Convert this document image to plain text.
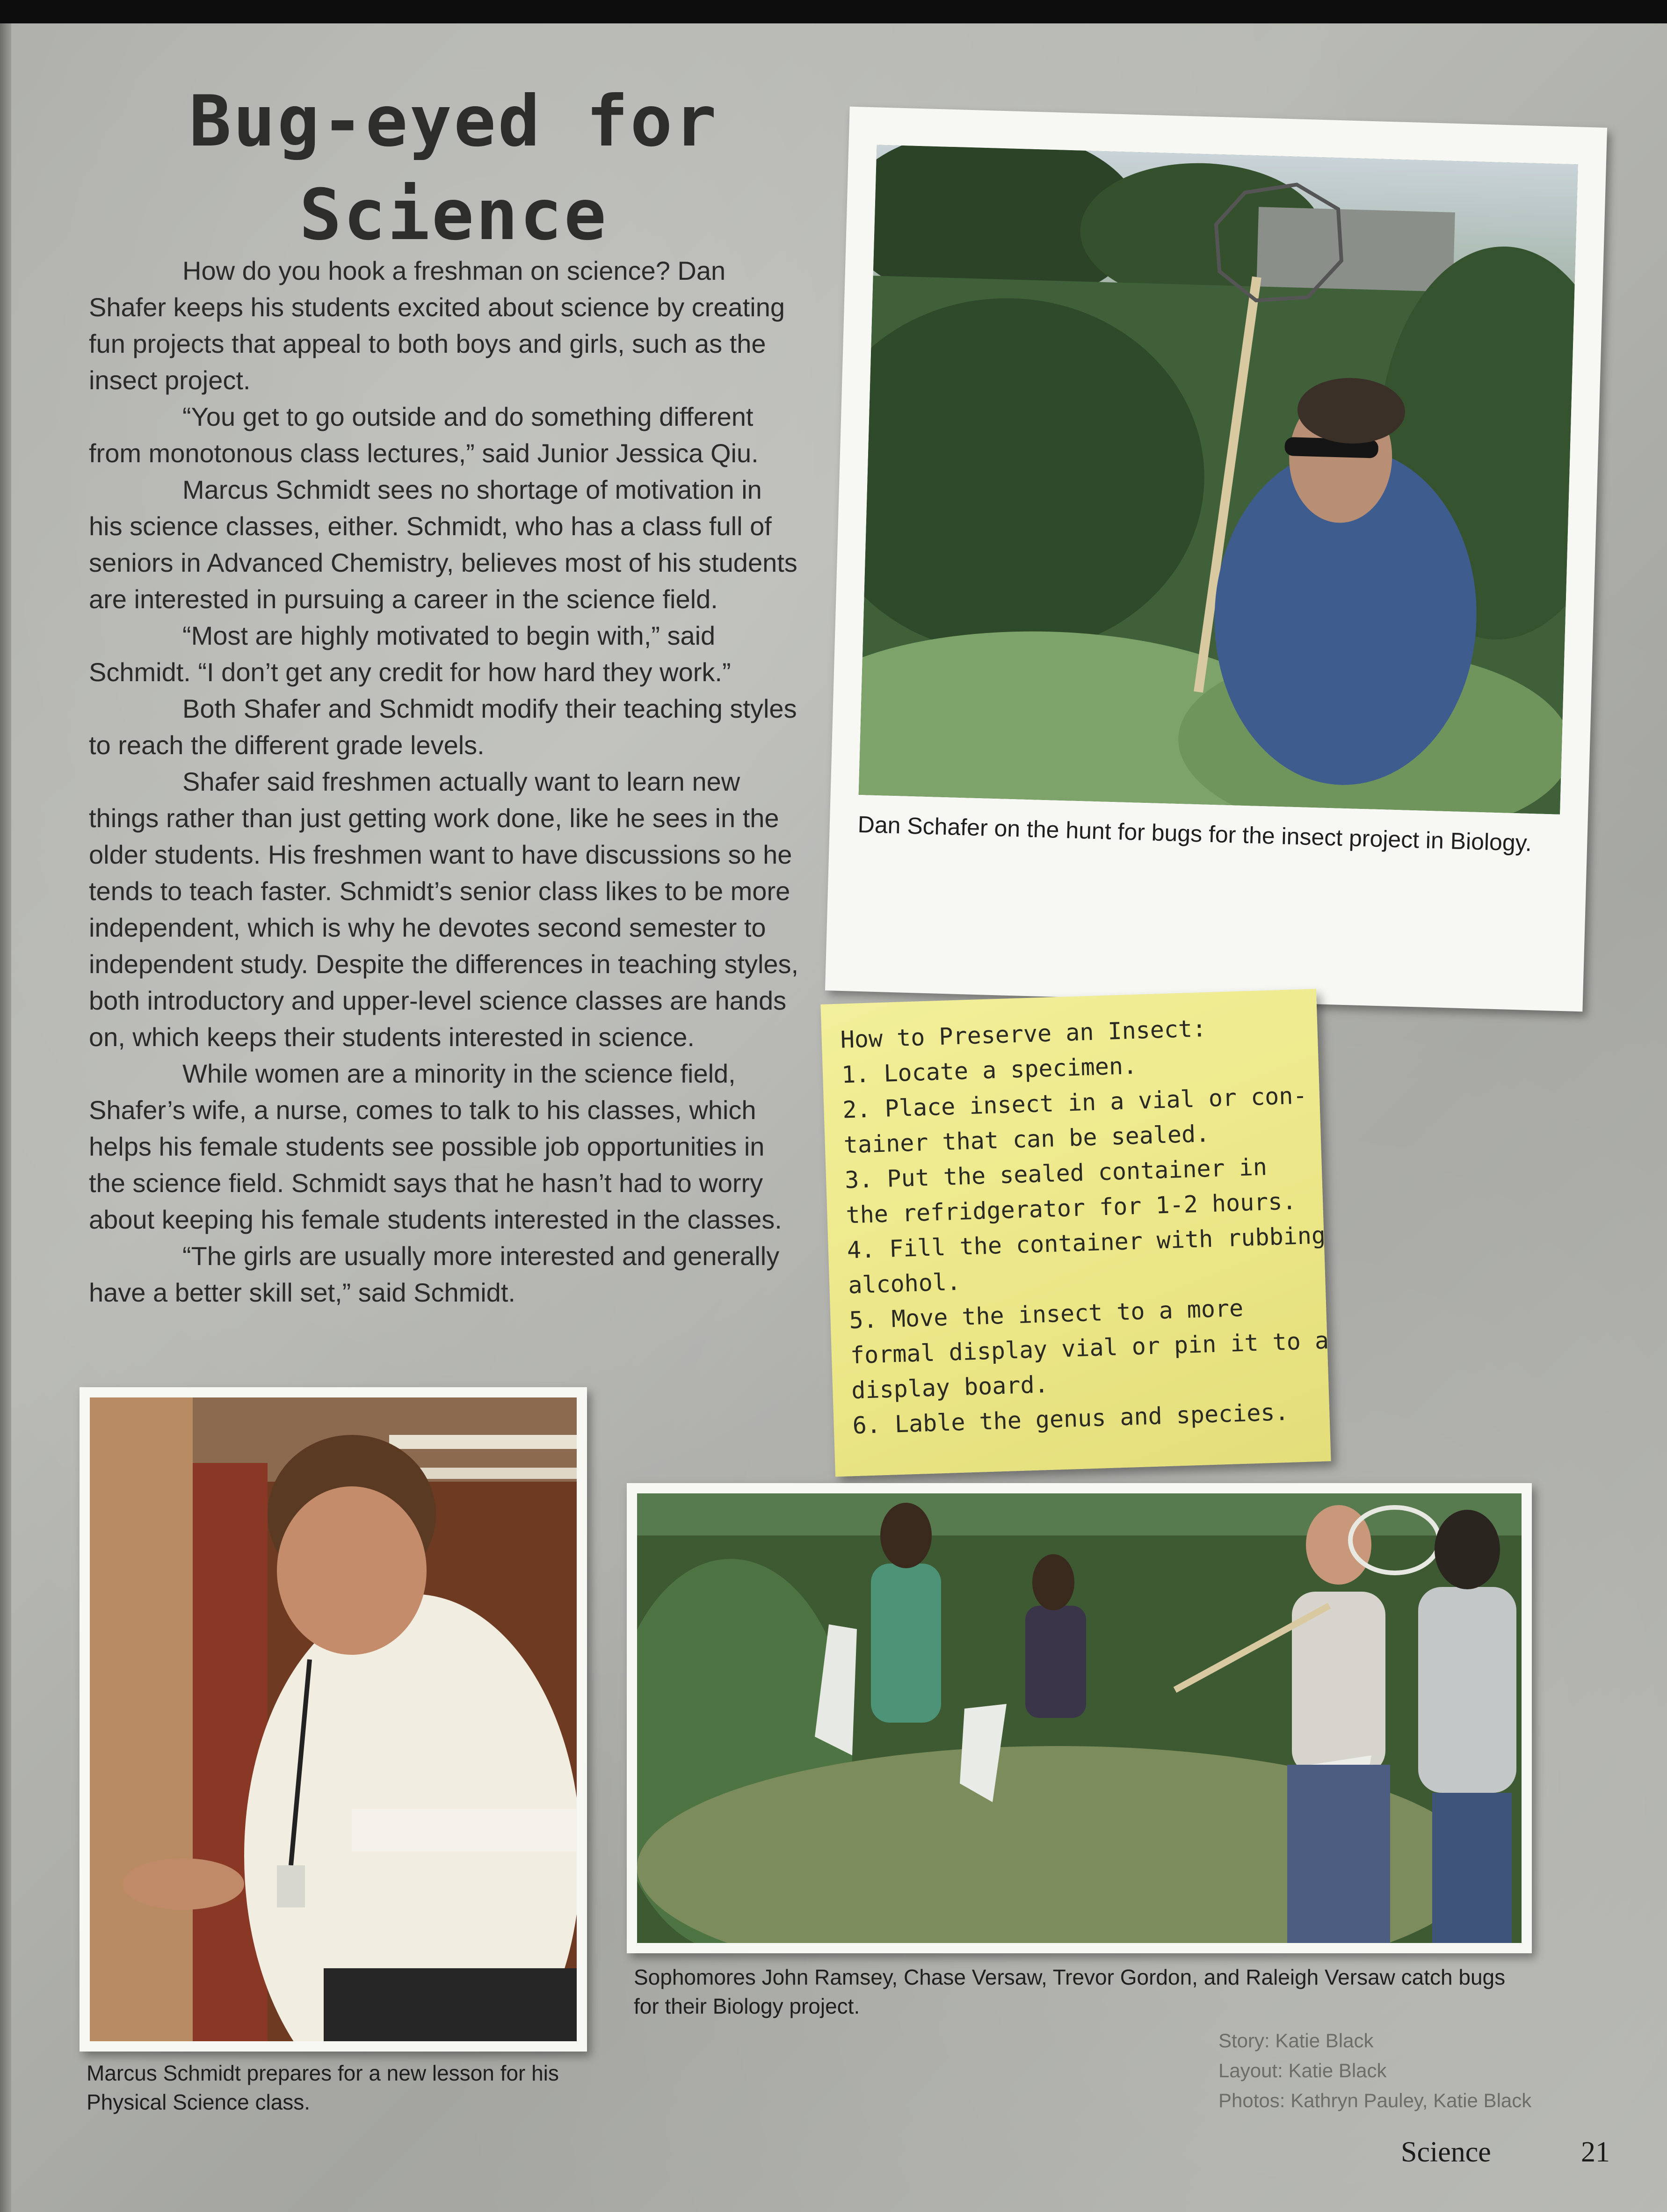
Bug-eyed for Science

How do you hook a freshman on science? Dan Shafer keeps his students excited about science by creating fun projects that appeal to both boys and girls, such as the insect project.

“You get to go outside and do something different from monotonous class lectures,” said Junior Jessica Qiu.

Marcus Schmidt sees no shortage of motivation in his science classes, either. Schmidt, who has a class full of seniors in Advanced Chemistry, believes most of his students are interested in pursuing a career in the science field.

“Most are highly motivated to begin with,” said Schmidt. “I don’t get any credit for how hard they work.”

Both Shafer and Schmidt modify their teaching styles to reach the different grade levels.

Shafer said freshmen actually want to learn new things rather than just getting work done, like he sees in the older students. His freshmen want to have discussions so he tends to teach faster. Schmidt’s senior class likes to be more independent, which is why he devotes second semester to independent study. Despite the differences in teaching styles, both introductory and upper-level science classes are hands on, which keeps their students interested in science.

While women are a minority in the science field, Shafer’s wife, a nurse, comes to talk to his classes, which helps his female students see possible job opportunities in the science field. Schmidt says that he hasn’t had to worry about keeping his female students interested in the classes.

“The girls are usually more interested and generally have a better skill set,” said Schmidt.

Dan Schafer on the hunt for bugs for the insect project in Biology.
How to Preserve an Insect:
1. Locate a specimen.
2. Place insect in a vial or con-
tainer that can be sealed.
3. Put the sealed container in
the refridgerator for 1-2 hours.
4. Fill the container with rubbing
alcohol.
5. Move the insect to a more
formal display vial or pin it to a
display board.
6. Lable the genus and species.
Marcus Schmidt prepares for a new lesson for his Physical Science class.
Sophomores John Ramsey, Chase Versaw, Trevor Gordon, and Raleigh Versaw catch bugs for their Biology project.
Story: Katie Black
Layout: Katie Black
Photos: Kathryn Pauley, Katie Black
Science	21
